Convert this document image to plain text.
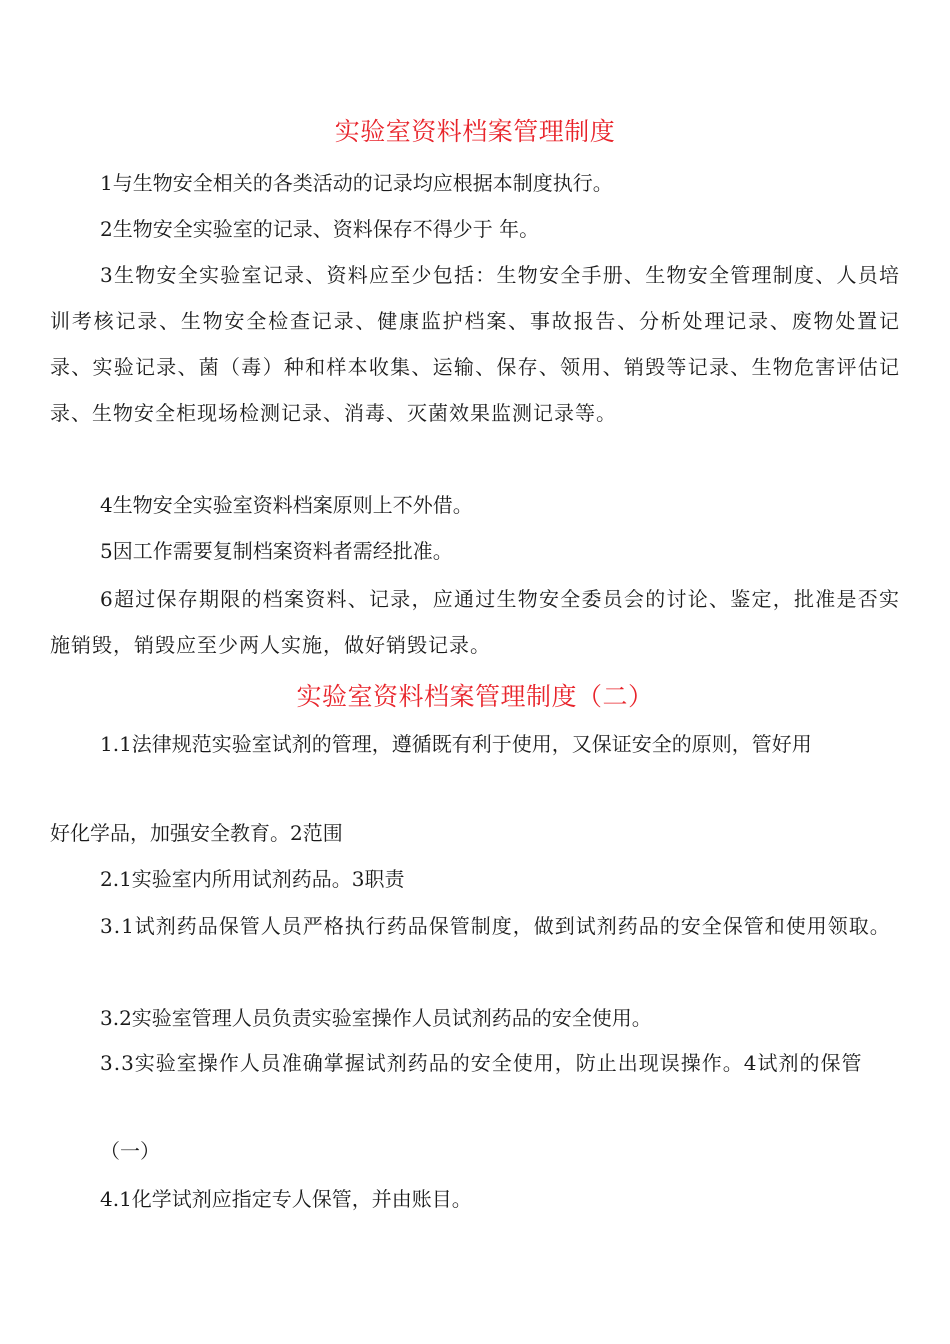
实验室资料档案管理制度

1与生物安全相关的各类活动的记录均应根据本制度执行。

2生物安全实验室的记录、资料保存不得少于 年。

3生物安全实验室记录、资料应至少包括：生物安全手册、生物安全管理制度、人员培训考核记录、生物安全检查记录、健康监护档案、事故报告、分析处理记录、废物处置记录、实验记录、菌（毒）种和样本收集、运输、保存、领用、销毁等记录、生物危害评估记录、生物安全柜现场检测记录、消毒、灭菌效果监测记录等。

4生物安全实验室资料档案原则上不外借。

5因工作需要复制档案资料者需经批准。

6超过保存期限的档案资料、记录，应通过生物安全委员会的讨论、鉴定，批准是否实施销毁，销毁应至少两人实施，做好销毁记录。

实验室资料档案管理制度（二）
1.1法律规范实验室试剂的管理，遵循既有利于使用，又保证安全的原则，管好用
好化学品，加强安全教育。2范围
2.1实验室内所用试剂药品。3职责

3.1试剂药品保管人员严格执行药品保管制度，做到试剂药品的安全保管和使用领取。

3.2实验室管理人员负责实验室操作人员试剂药品的安全使用。

3.3实验室操作人员准确掌握试剂药品的安全使用，防止出现误操作。4试剂的保管

（一）
4.1化学试剂应指定专人保管，并由账目。
